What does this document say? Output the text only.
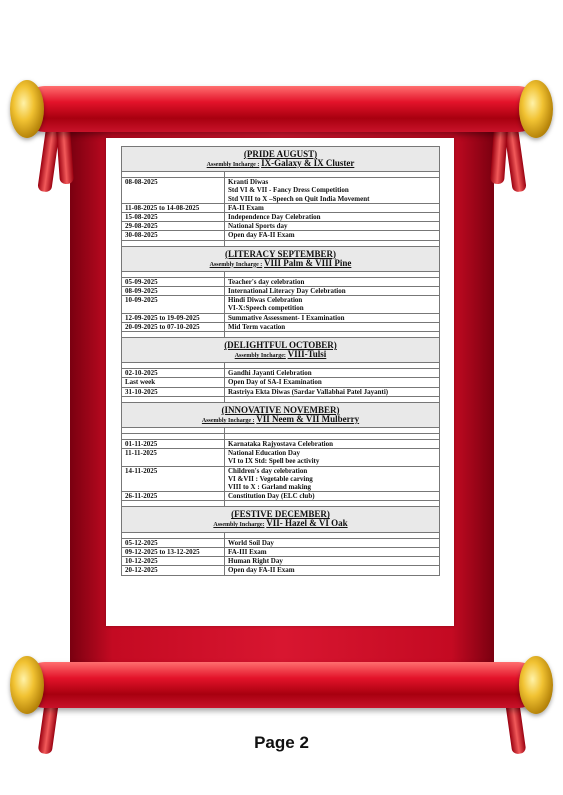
(PRIDE AUGUST)
Assembly Incharge : IX-Galaxy & IX Cluster	

08-08-2025	Kranti Diwas
Std VI & VII - Fancy Dress Competition
Std VIII to X –Speech on Quit India Movement

11-08-2025 to 14-08-2025	FA-II Exam

15-08-2025	Independence Day Celebration

29-08-2025	National Sports day

30-08-2025	Open day FA-II Exam

(LITERACY SEPTEMBER)
Assembly Incharge : VIII Palm & VIII Pine	

05-09-2025	Teacher's day celebration

08-09-2025	International Literacy Day Celebration

10-09-2025	Hindi Diwas Celebration
VI-X:Speech competition

12-09-2025 to 19-09-2025	Summative Assessment- I Examination

20-09-2025 to 07-10-2025	Mid Term vacation

(DELIGHTFUL OCTOBER)
Assembly Incharge: VIII-Tulsi	

02-10-2025	Gandhi Jayanti Celebration

Last week	Open Day of SA-I Examination

31-10-2025	Rastriya Ekta Diwas (Sardar Vallabhai Patel Jayanti)

(INNOVATIVE NOVEMBER)
Assembly Incharge : VII Neem & VII Mulberry	

01-11-2025	Karnataka Rajyostava Celebration

11-11-2025	National Education Day
VI to IX Std: Spell bee activity

14-11-2025	Children's day celebration
VI &VII : Vegetable carving
VIII to X : Garland making

26-11-2025	Constitution Day (ELC club)

(FESTIVE DECEMBER)
Assembly Incharge: VII- Hazel & VI Oak	

05-12-2025	World Soil Day

09-12-2025 to 13-12-2025	FA-III Exam

10-12-2025	Human Right Day

20-12-2025	Open day FA-II Exam
Page 2
